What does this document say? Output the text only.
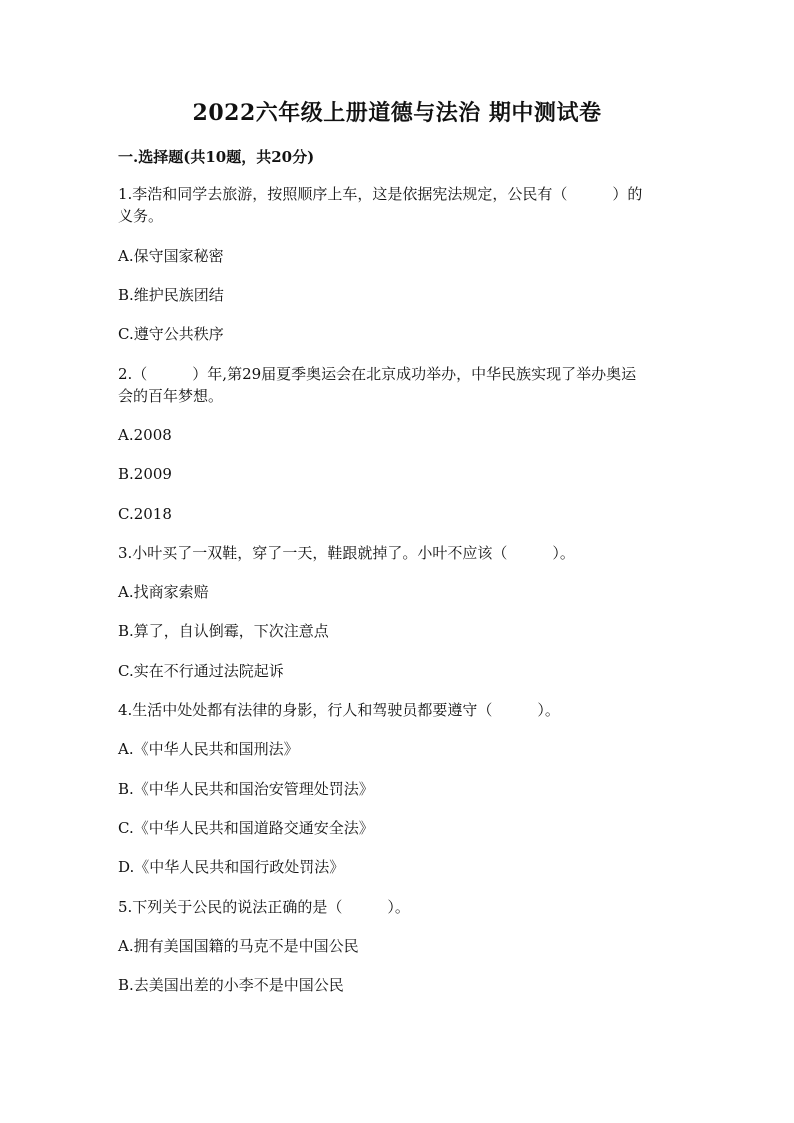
2022六年级上册道德与法治 期中测试卷
一.选择题(共10题，共20分)
1.李浩和同学去旅游，按照顺序上车，这是依据宪法规定，公民有（　　　）的
义务。
A.保守国家秘密
B.维护民族团结
C.遵守公共秩序
2.（　　　）年,第29届夏季奥运会在北京成功举办，中华民族实现了举办奥运
会的百年梦想。
A.2008
B.2009
C.2018
3.小叶买了一双鞋，穿了一天，鞋跟就掉了。小叶不应该（　　　）。
A.找商家索赔
B.算了，自认倒霉，下次注意点
C.实在不行通过法院起诉
4.生活中处处都有法律的身影，行人和驾驶员都要遵守（　　　）。
A.《中华人民共和国刑法》
B.《中华人民共和国治安管理处罚法》
C.《中华人民共和国道路交通安全法》
D.《中华人民共和国行政处罚法》
5.下列关于公民的说法正确的是（　　　）。
A.拥有美国国籍的马克不是中国公民
B.去美国出差的小李不是中国公民
